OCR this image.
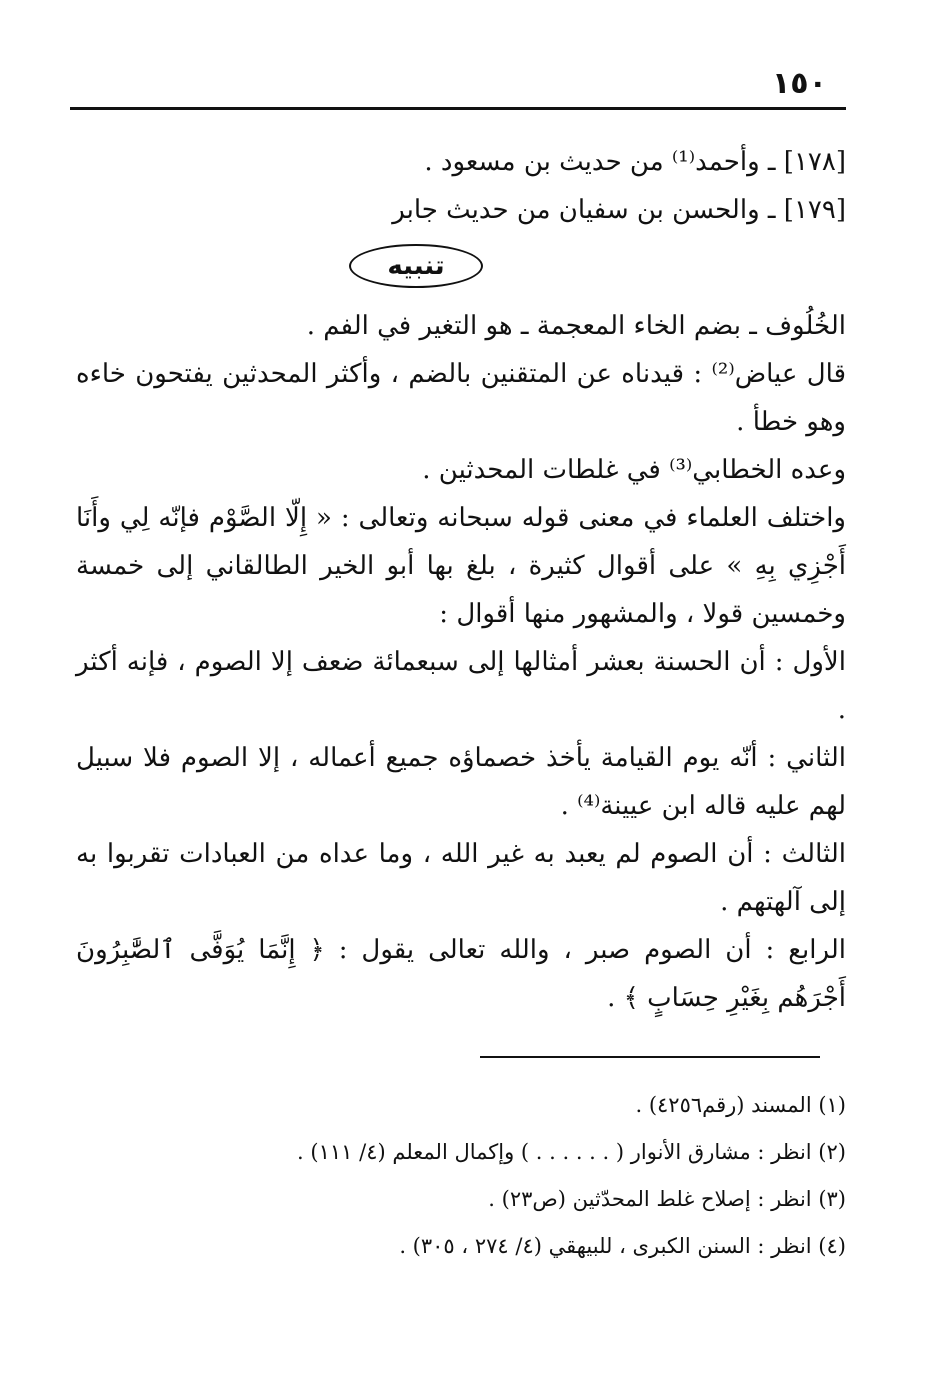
١٥٠

[١٧٨] ـ وأحمد⁽¹⁾ من حديث بن مسعود .

[١٧٩] ـ والحسن بن سفيان من حديث جابر

تنبيه

الخُلُوف ـ بضم الخاء المعجمة ـ هو التغير في الفم .

قال عياض⁽²⁾ : قيدناه عن المتقنين بالضم ، وأكثر المحدثين يفتحون خاءه وهو خطأ .

وعده الخطابي⁽³⁾ في غلطات المحدثين .

واختلف العلماء في معنى قوله سبحانه وتعالى : « إِلّا الصَّوْم فإنّه لِي وأَنَا أَجْزِي بِهِ » على أقوال كثيرة ، بلغ بها أبو الخير الطالقاني إلى خمسة وخمسين قولا ، والمشهور منها أقوال :

الأول : أن الحسنة بعشر أمثالها إلى سبعمائة ضعف إلا الصوم ، فإنه أكثر .

الثاني : أنّه يوم القيامة يأخذ خصماؤه جميع أعماله ، إلا الصوم فلا سبيل لهم عليه قاله ابن عيينة⁽⁴⁾ .

الثالث : أن الصوم لم يعبد به غير الله ، وما عداه من العبادات تقربوا به إلى آلهتهم .

الرابع : أن الصوم صبر ، والله تعالى يقول : ﴿ إِنَّمَا يُوَفَّى ٱلصَّٰبِرُونَ أَجْرَهُم بِغَيْرِ حِسَابٍ ﴾ .

(١) المسند (رقم٤٢٥٦) .

(٢) انظر : مشارق الأنوار ( . . . . . . ) وإكمال المعلم (٤/ ١١١) .

(٣) انظر : إصلاح غلط المحدّثين (ص٢٣) .

(٤) انظر : السنن الكبرى ، للبيهقي (٤/ ٢٧٤ ، ٣٠٥) .
